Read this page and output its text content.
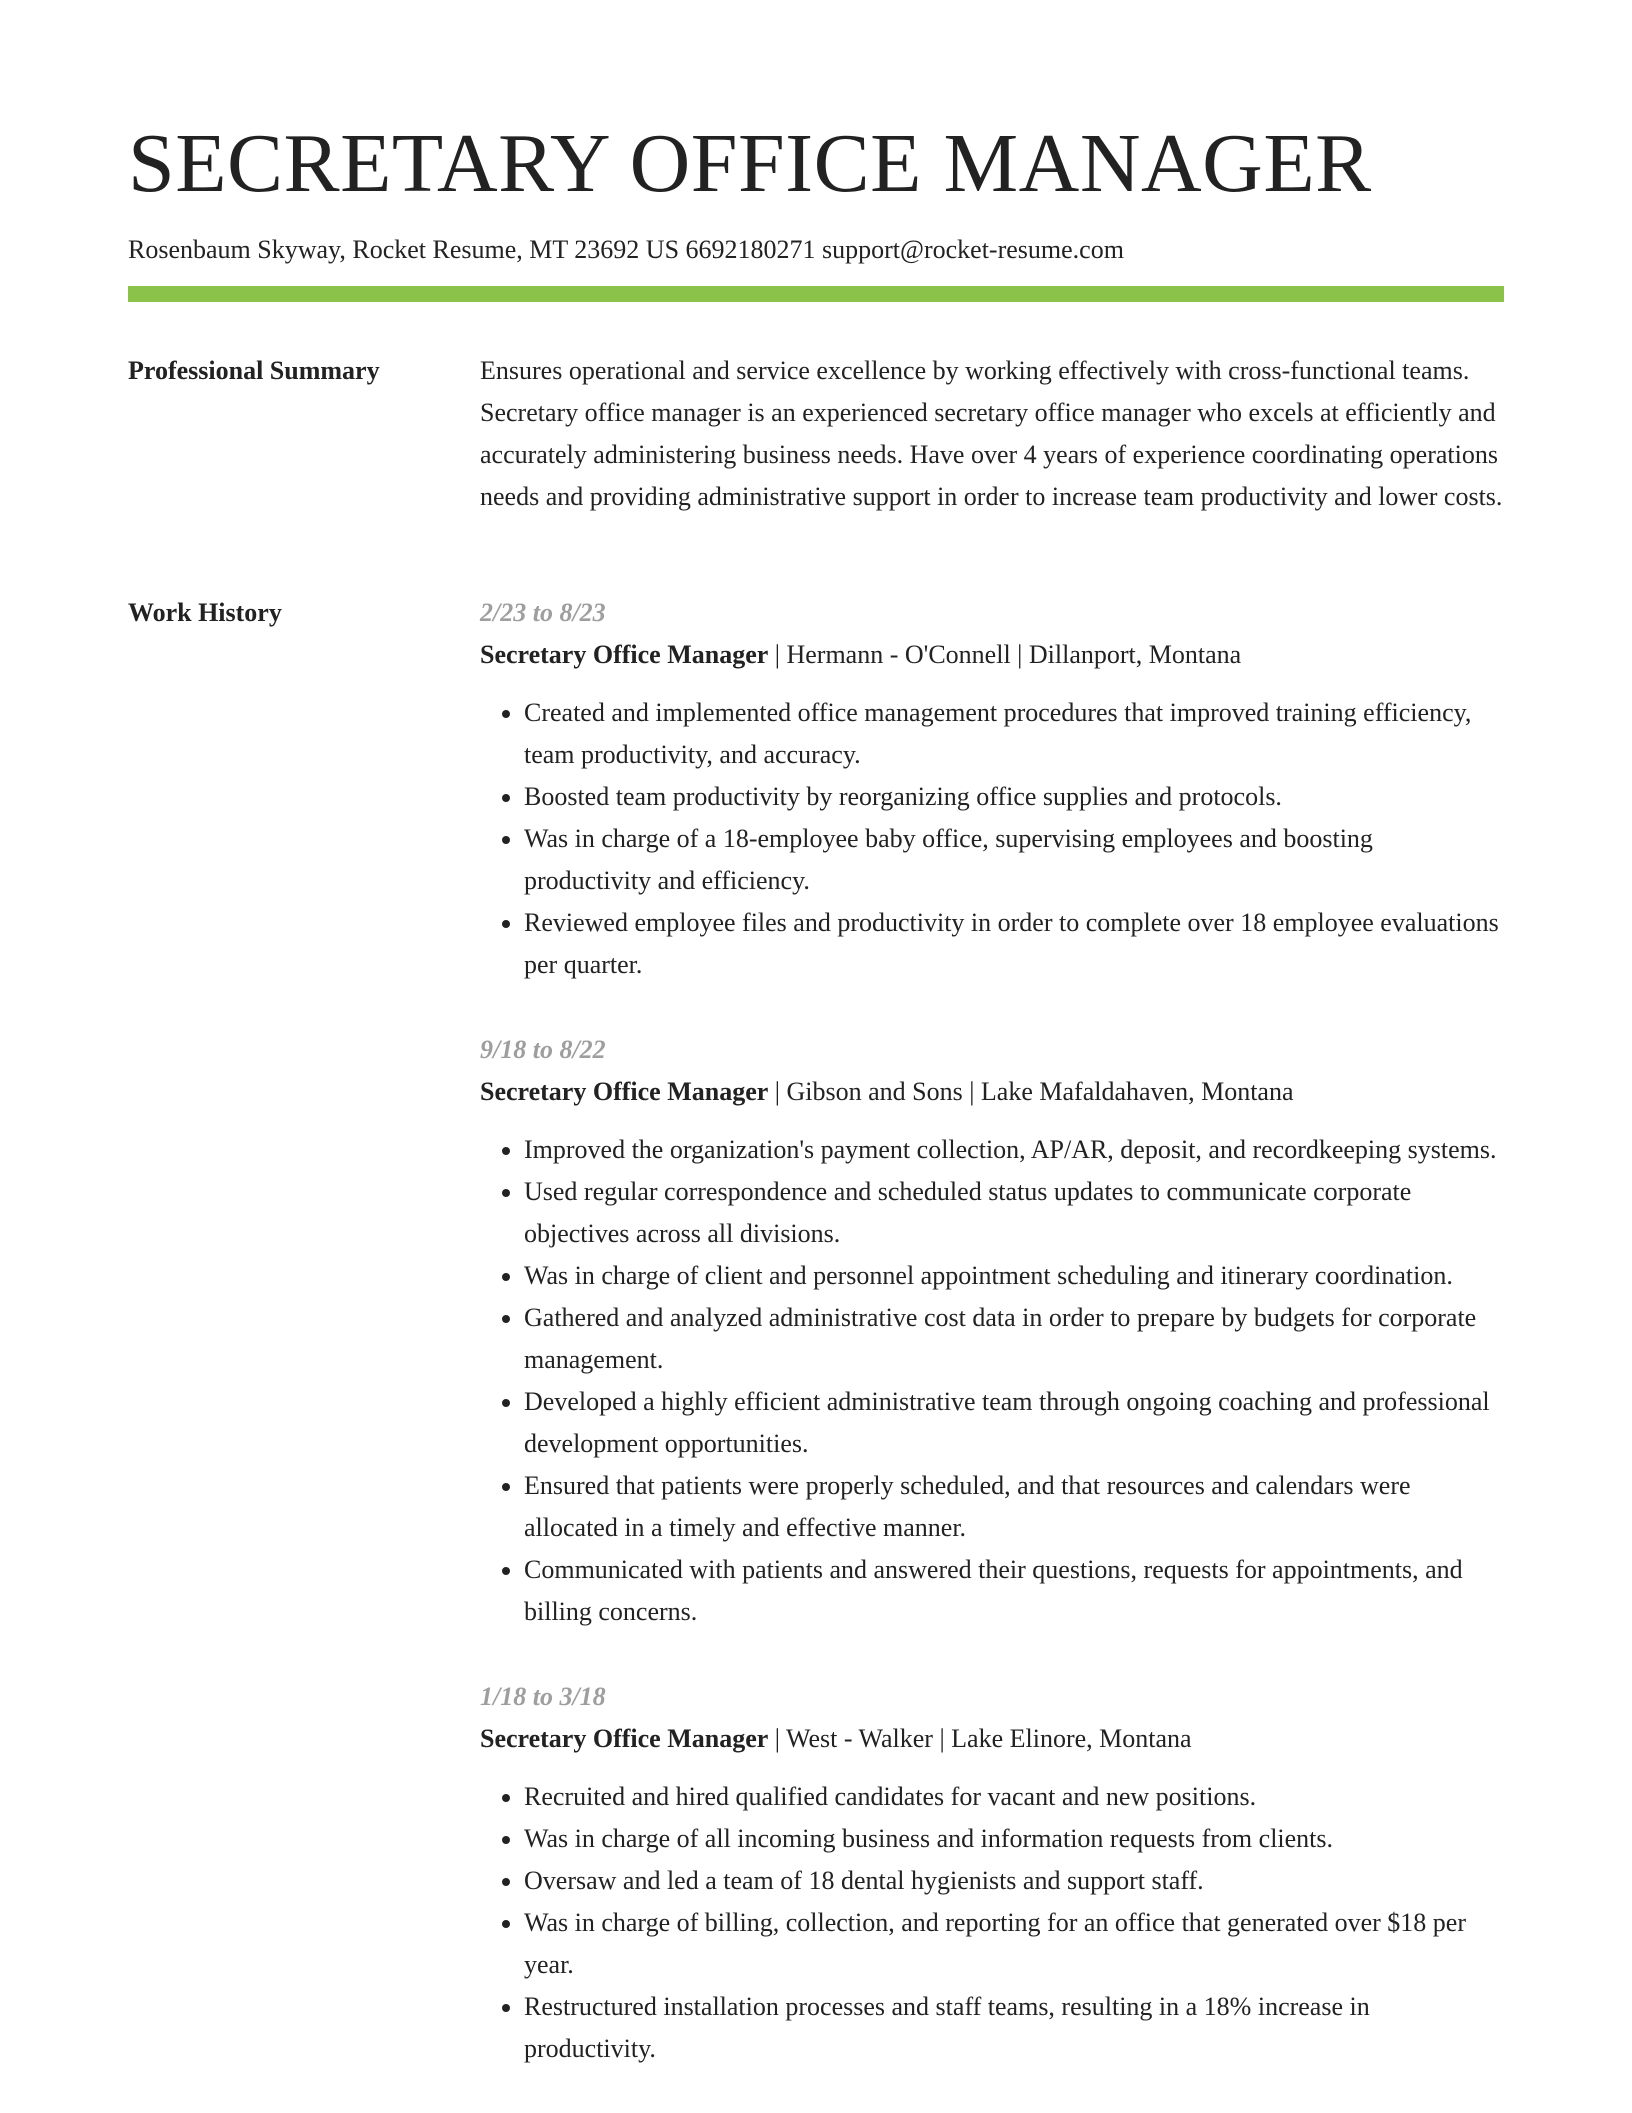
SECRETARY OFFICE MANAGER
Rosenbaum Skyway, Rocket Resume, MT 23692 US 6692180271 support@rocket-resume.com
Professional Summary	Ensures operational and service excellence by working effectively with cross-functional teams. Secretary office manager is an experienced secretary office manager who excels at efficiently and accurately administering business needs. Have over 4 years of experience coordinating operations needs and providing administrative support in order to increase team productivity and lower costs.

Work History	2/23 to 8/23
Secretary Office Manager | Hermann - O'Connell | Dillanport, Montana
• Created and implemented office management procedures that improved training efficiency, team productivity, and accuracy.
• Boosted team productivity by reorganizing office supplies and protocols.
• Was in charge of a 18-employee baby office, supervising employees and boosting productivity and efficiency.
• Reviewed employee files and productivity in order to complete over 18 employee evaluations per quarter.
9/18 to 8/22
Secretary Office Manager | Gibson and Sons | Lake Mafaldahaven, Montana
• Improved the organization's payment collection, AP/AR, deposit, and recordkeeping systems.
• Used regular correspondence and scheduled status updates to communicate corporate objectives across all divisions.
• Was in charge of client and personnel appointment scheduling and itinerary coordination.
• Gathered and analyzed administrative cost data in order to prepare by budgets for corporate management.
• Developed a highly efficient administrative team through ongoing coaching and professional development opportunities.
• Ensured that patients were properly scheduled, and that resources and calendars were allocated in a timely and effective manner.
• Communicated with patients and answered their questions, requests for appointments, and billing concerns.
1/18 to 3/18
Secretary Office Manager | West - Walker | Lake Elinore, Montana
• Recruited and hired qualified candidates for vacant and new positions.
• Was in charge of all incoming business and information requests from clients.
• Oversaw and led a team of 18 dental hygienists and support staff.
• Was in charge of billing, collection, and reporting for an office that generated over $18 per year.
• Restructured installation processes and staff teams, resulting in a 18% increase in productivity.
